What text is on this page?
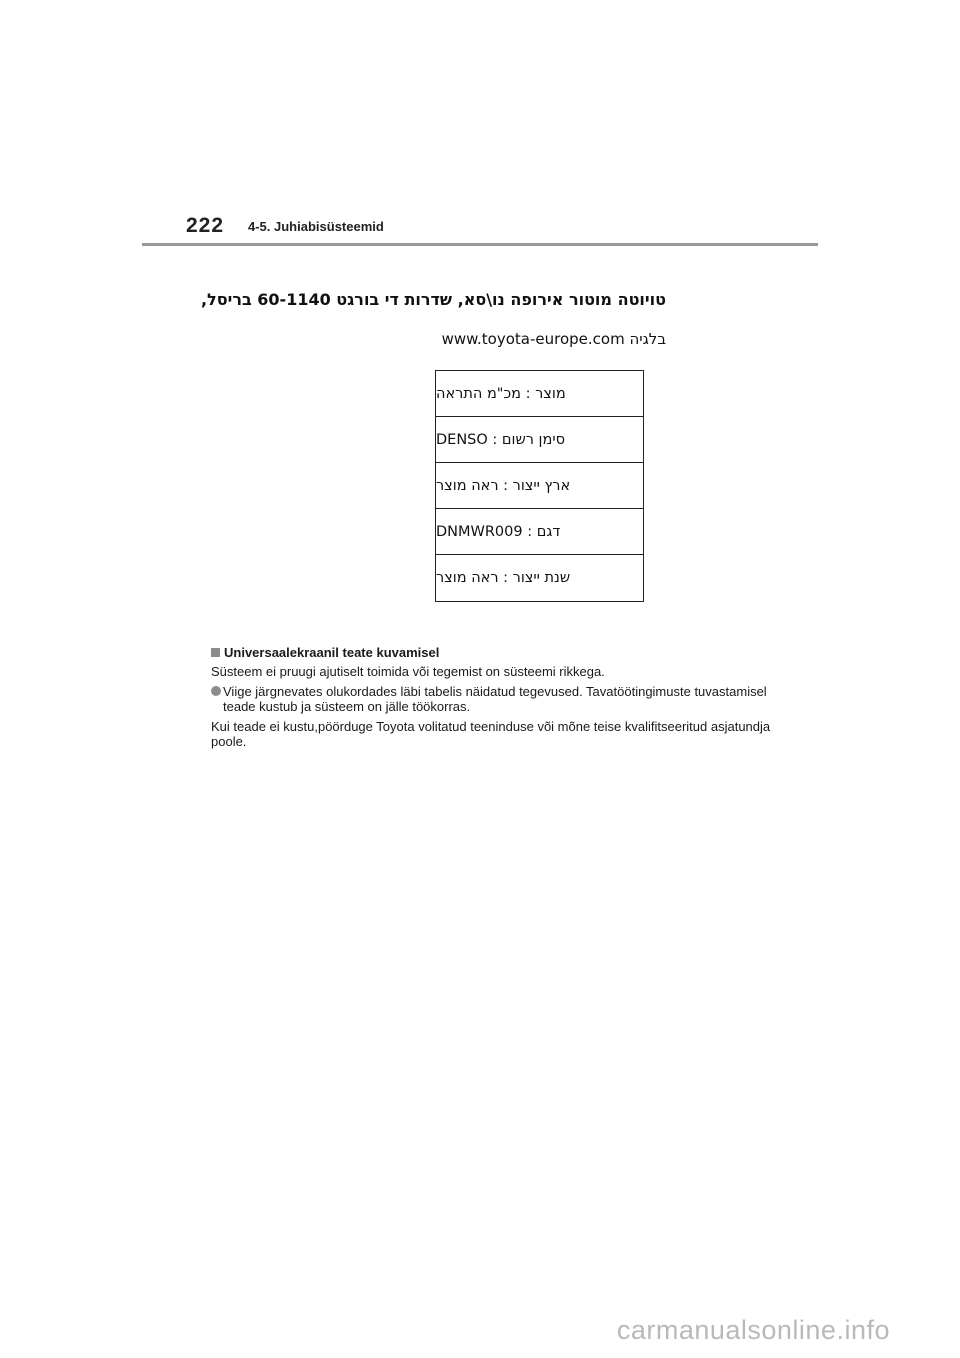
222 4-5. Juhiabisüsteemid
טויוטה מוטור אירופה נו\סא, שדרות די בורגט 60-1140 בריסל,
בלגיה www.toyota-europe.com
מוצר : מכ"מ התראה
סימן רשום : DENSO
ארץ ייצור : ראה מוצר
דגם : DNMWR009
שנת ייצור : ראה מוצר

Universaalekraanil teate kuvamisel

Süsteem ei pruugi ajutiselt toimida või tegemist on süsteemi rikkega.

Viige järgnevates olukordades läbi tabelis näidatud tegevused. Tavatöötingimuste tuvastamisel teade kustub ja süsteem on jälle töökorras.

Kui teade ei kustu,pöörduge Toyota volitatud teeninduse või mõne teise kvalifitseeritud asjatundja poole.

carmanualsonline.info
